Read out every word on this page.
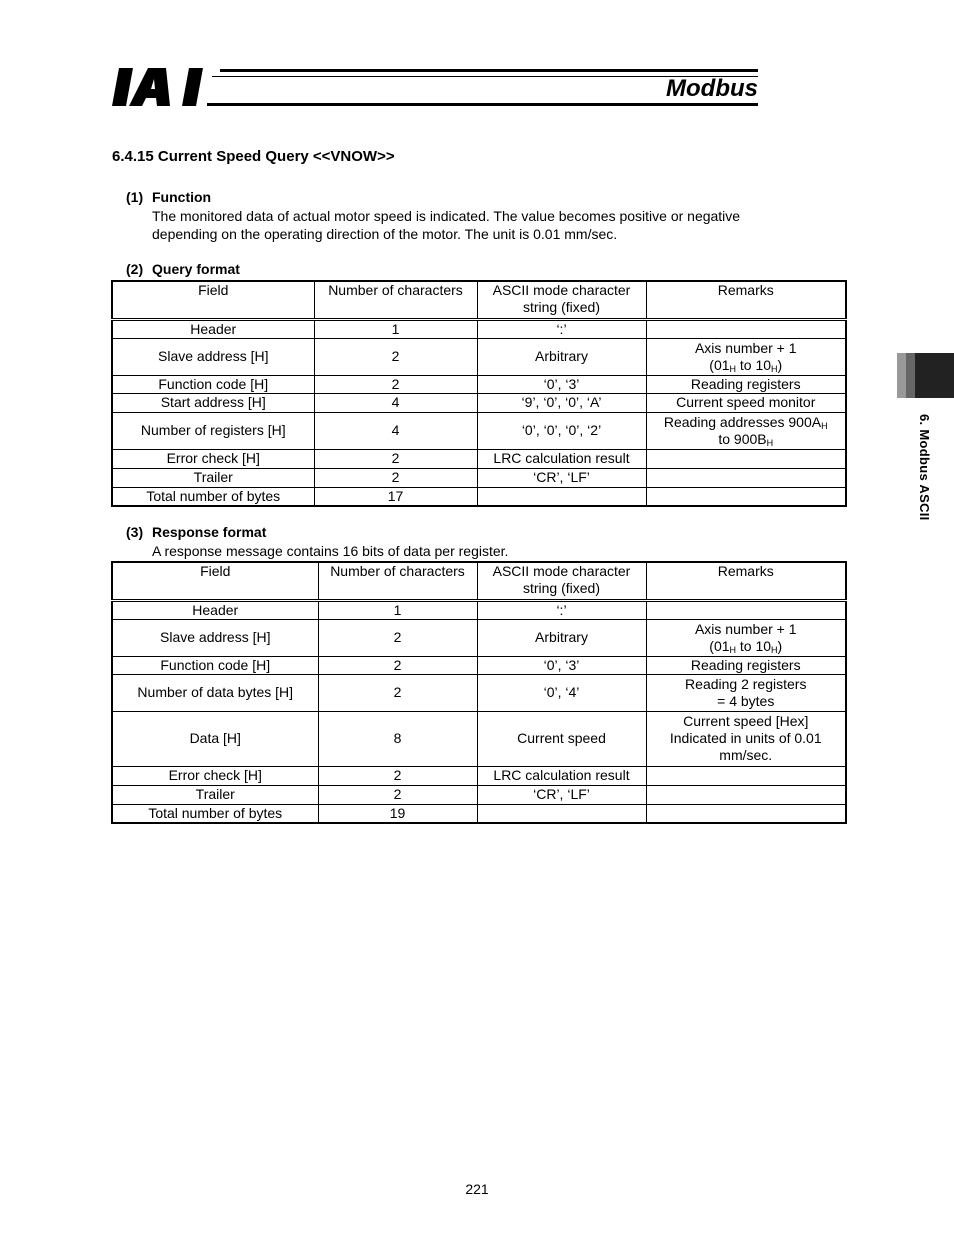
Modbus
6. Modbus ASCII
6.4.15 Current Speed Query <<VNOW>>
(1) Function
The monitored data of actual motor speed is indicated. The value becomes positive or negative
depending on the operating direction of the motor. The unit is 0.01 mm/sec.
(2) Query format
Field	Number of characters	ASCII mode character string (fixed)	Remarks
Header	1	‘:’	
Slave address [H]	2	Arbitrary	Axis number + 1
($01_H$ to $10_H$)

Function code [H]	2	‘0’, ‘3’	Reading registers
Start address [H]	4	‘9’, ‘0’, ‘0’, ‘A’	Current speed monitor
Number of registers [H]	4	‘0’, ‘0’, ‘0’, ‘2’	Reading addresses $900A_H$
to $900B_H$

Error check [H]	2	LRC calculation result	
Trailer	2	‘CR’, ‘LF’	
Total number of bytes	17		
(3) Response format
A response message contains 16 bits of data per register.
Field	Number of characters	ASCII mode character string (fixed)	Remarks
Header	1	‘:’	
Slave address [H]	2	Arbitrary	Axis number + 1
($01_H$ to $10_H$)

Function code [H]	2	‘0’, ‘3’	Reading registers
Number of data bytes [H]	2	‘0’, ‘4’	Reading 2 registers
= 4 bytes

Data [H]	8	Current speed	Current speed [Hex]
Indicated in units of 0.01
mm/sec.

Error check [H]	2	LRC calculation result	
Trailer	2	‘CR’, ‘LF’	
Total number of bytes	19		
221
